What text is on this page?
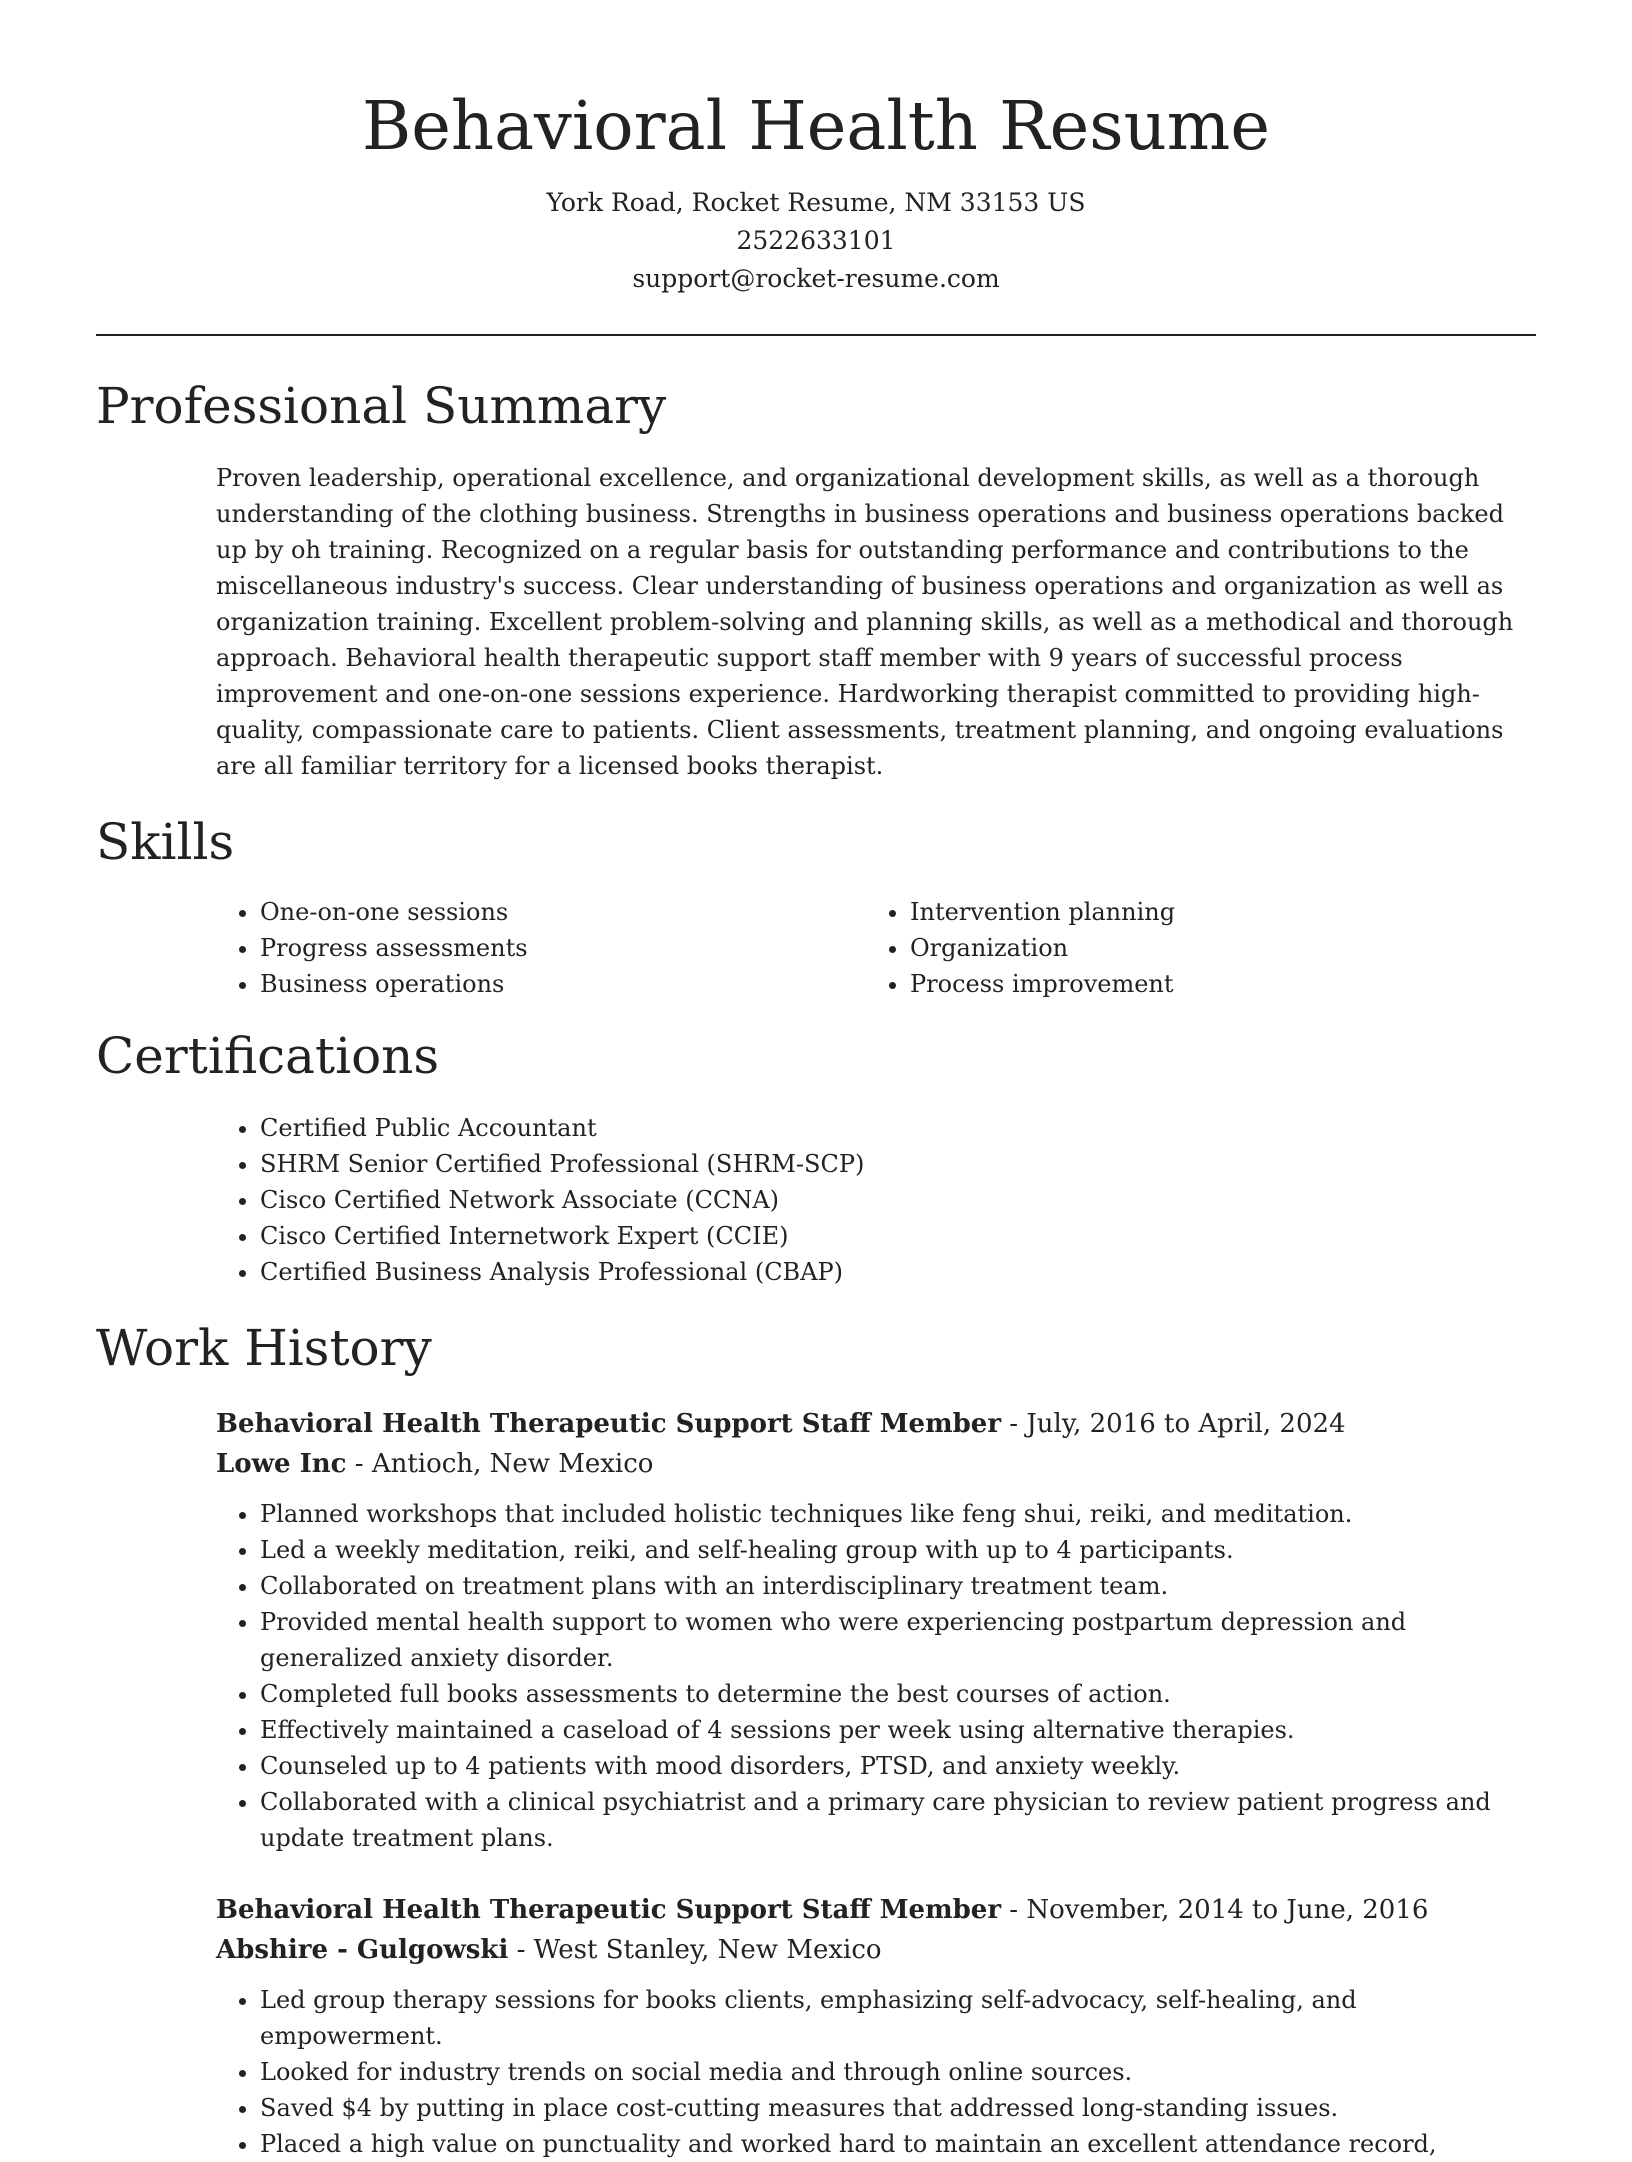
Behavioral Health Resume
York Road, Rocket Resume, NM 33153 US
2522633101
support@rocket-resume.com
Professional Summary

Proven leadership, operational excellence, and organizational development skills, as well as a thorough understanding of the clothing business. Strengths in business operations and business operations backed up by oh training. Recognized on a regular basis for outstanding performance and contributions to the miscellaneous industry's success. Clear understanding of business operations and organization as well as organization training. Excellent problem-solving and planning skills, as well as a methodical and thorough approach. Behavioral health therapeutic support staff member with 9 years of successful process improvement and one-on-one sessions experience. Hardworking therapist committed to providing high-quality, compassionate care to patients. Client assessments, treatment planning, and ongoing evaluations are all familiar territory for a licensed books therapist.

Skills
• One-on-one sessions
• Progress assessments
• Business operations
• Intervention planning
• Organization
• Process improvement
Certifications
• Certified Public Accountant
• SHRM Senior Certified Professional (SHRM-SCP)
• Cisco Certified Network Associate (CCNA)
• Cisco Certified Internetwork Expert (CCIE)
• Certified Business Analysis Professional (CBAP)
Work History
Behavioral Health Therapeutic Support Staff Member - July, 2016 to April, 2024
Lowe Inc - Antioch, New Mexico
• Planned workshops that included holistic techniques like feng shui, reiki, and meditation.
• Led a weekly meditation, reiki, and self-healing group with up to 4 participants.
• Collaborated on treatment plans with an interdisciplinary treatment team.
• Provided mental health support to women who were experiencing postpartum depression and generalized anxiety disorder.
• Completed full books assessments to determine the best courses of action.
• Effectively maintained a caseload of 4 sessions per week using alternative therapies.
• Counseled up to 4 patients with mood disorders, PTSD, and anxiety weekly.
• Collaborated with a clinical psychiatrist and a primary care physician to review patient progress and update treatment plans.
Behavioral Health Therapeutic Support Staff Member - November, 2014 to June, 2016
Abshire - Gulgowski - West Stanley, New Mexico
• Led group therapy sessions for books clients, emphasizing self-advocacy, self-healing, and empowerment.
• Looked for industry trends on social media and through online sources.
• Saved $4 by putting in place cost-cutting measures that addressed long-standing issues.
• Placed a high value on punctuality and worked hard to maintain an excellent attendance record,
